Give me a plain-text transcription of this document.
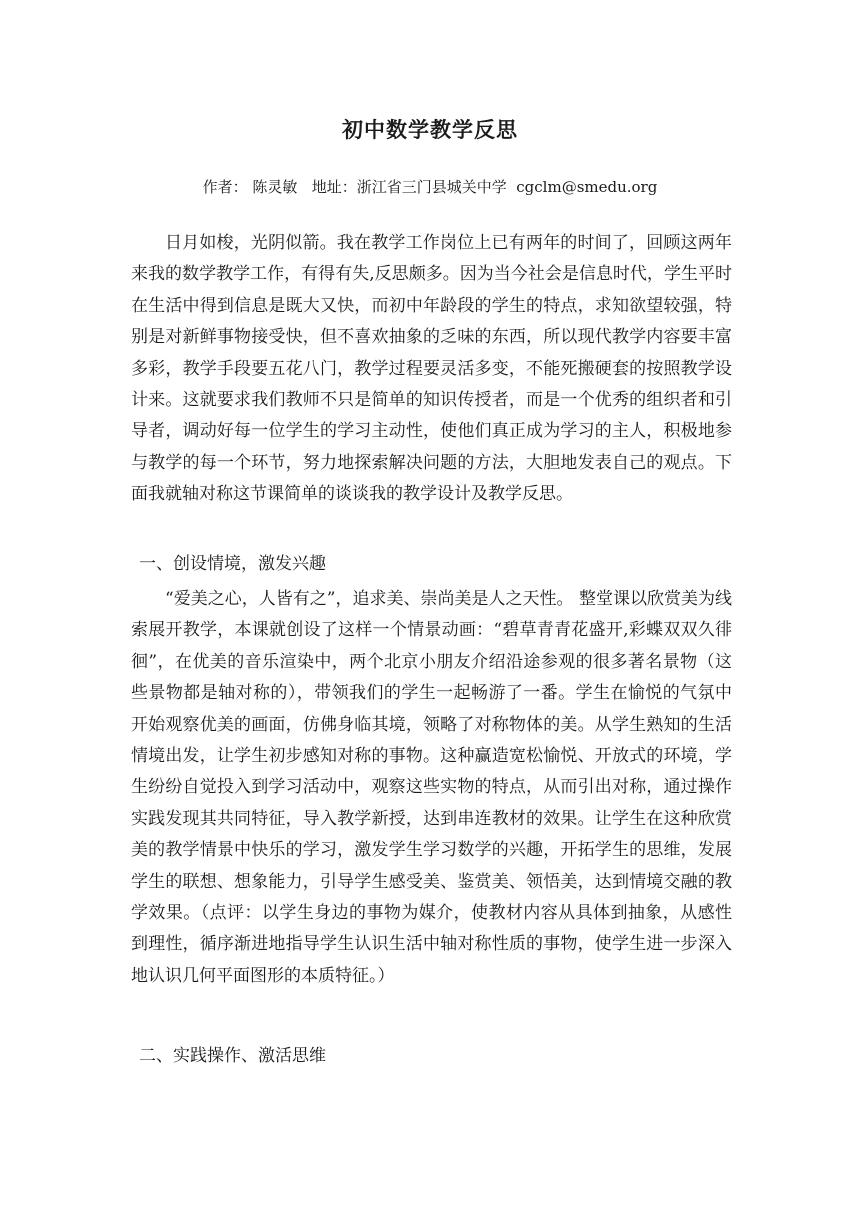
初中数学教学反思
作者： 陈灵敏   地址：浙江省三门县城关中学  cgclm@smedu.org

日月如梭，光阴似箭。我在教学工作岗位上已有两年的时间了，回顾这两年来我的数学教学工作，有得有失,反思颇多。因为当今社会是信息时代，学生平时在生活中得到信息是既大又快，而初中年龄段的学生的特点，求知欲望较强，特别是对新鲜事物接受快，但不喜欢抽象的乏味的东西，所以现代教学内容要丰富多彩，教学手段要五花八门，教学过程要灵活多变，不能死搬硬套的按照教学设计来。这就要求我们教师不只是简单的知识传授者，而是一个优秀的组织者和引导者，调动好每一位学生的学习主动性，使他们真正成为学习的主人，积极地参与教学的每一个环节，努力地探索解决问题的方法，大胆地发表自己的观点。下面我就轴对称这节课简单的谈谈我的教学设计及教学反思。

一、创设情境，激发兴趣

“爱美之心，人皆有之”，追求美、崇尚美是人之天性。 整堂课以欣赏美为线索展开教学，本课就创设了这样一个情景动画：“碧草青青花盛开,彩蝶双双久徘徊”，在优美的音乐渲染中，两个北京小朋友介绍沿途参观的很多著名景物（这些景物都是轴对称的），带领我们的学生一起畅游了一番。学生在愉悦的气氛中开始观察优美的画面，仿佛身临其境，领略了对称物体的美。从学生熟知的生活情境出发，让学生初步感知对称的事物。这种赢造宽松愉悦、开放式的环境，学生纷纷自觉投入到学习活动中，观察这些实物的特点，从而引出对称，通过操作实践发现其共同特征，导入教学新授，达到串连教材的效果。让学生在这种欣赏美的教学情景中快乐的学习，激发学生学习数学的兴趣，开拓学生的思维，发展学生的联想、想象能力，引导学生感受美、鉴赏美、领悟美，达到情境交融的教学效果。（点评：以学生身边的事物为媒介，使教材内容从具体到抽象，从感性到理性，循序渐进地指导学生认识生活中轴对称性质的事物，使学生进一步深入地认识几何平面图形的本质特征。）

二、实践操作、激活思维
